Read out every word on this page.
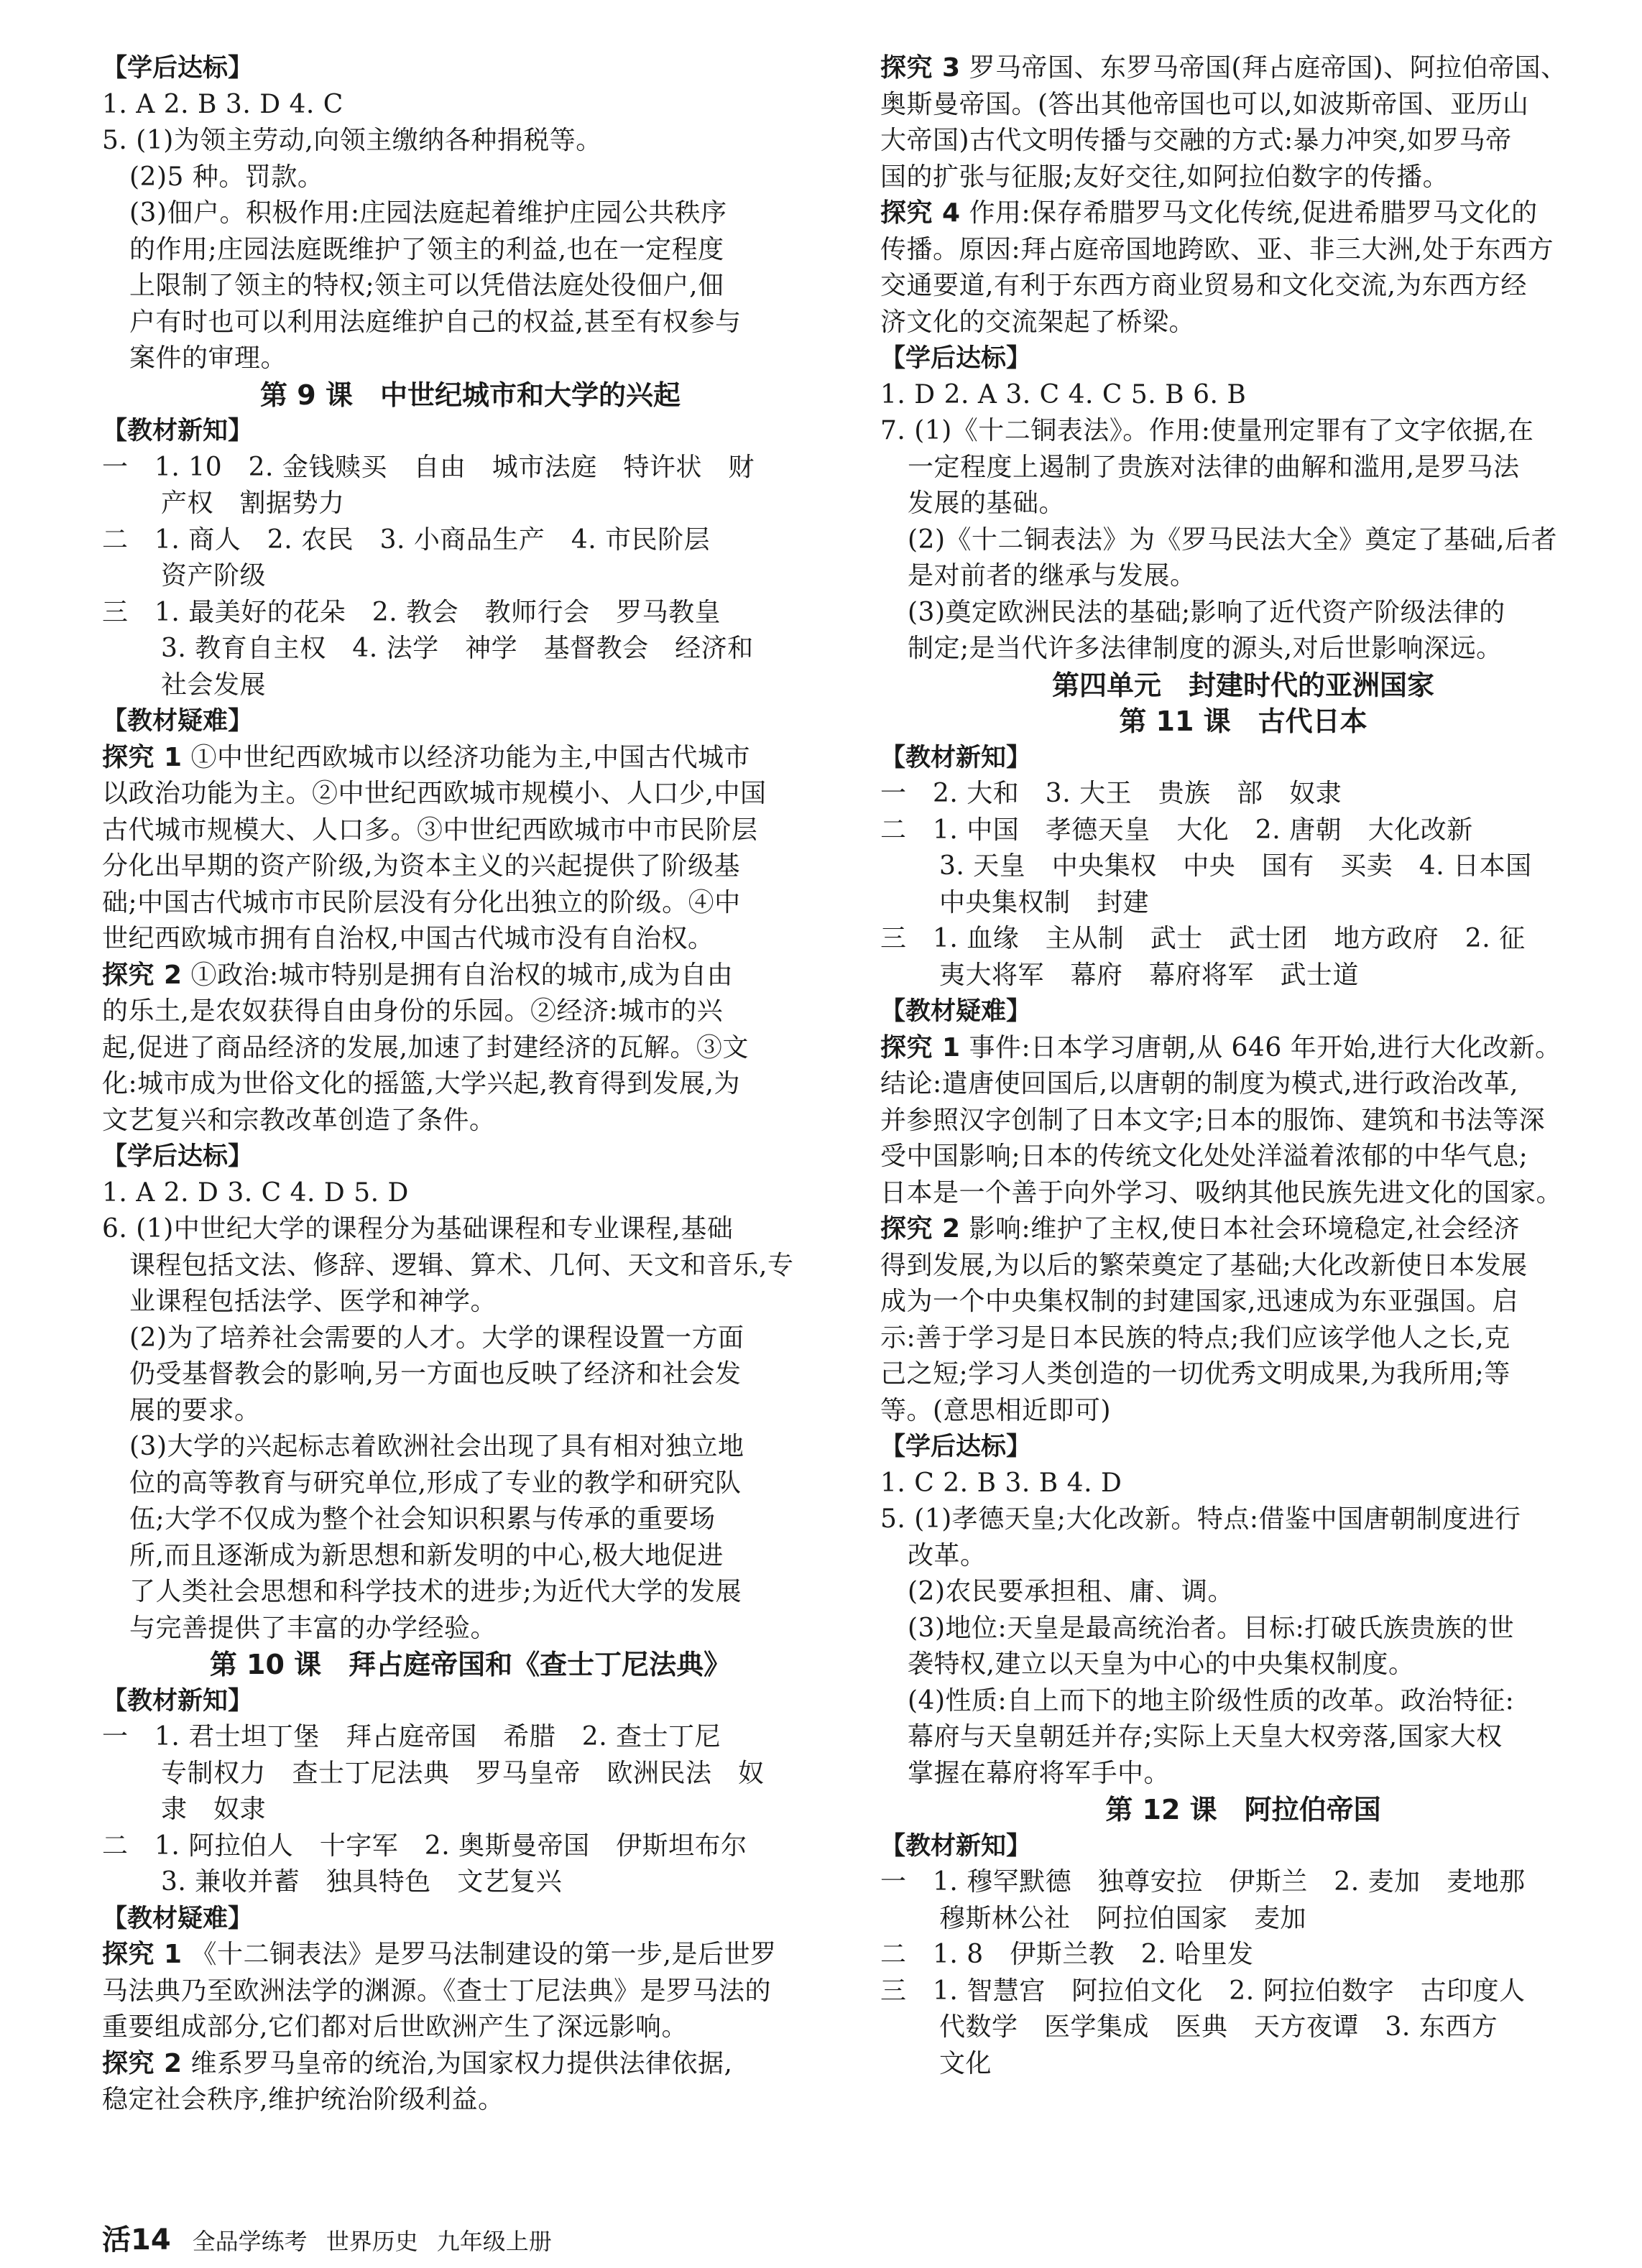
【学后达标】
1. A 2. B 3. D 4. C
5. (1)为领主劳动,向领主缴纳各种捐税等。
(2)5 种。罚款。
(3)佃户。积极作用:庄园法庭起着维护庄园公共秩序
的作用;庄园法庭既维护了领主的利益,也在一定程度
上限制了领主的特权;领主可以凭借法庭处役佃户,佃
户有时也可以利用法庭维护自己的权益,甚至有权参与
案件的审理。
第 9 课　中世纪城市和大学的兴起
【教材新知】
一　1. 10　2. 金钱赎买　自由　城市法庭　特许状　财
产权　割据势力
二　1. 商人　2. 农民　3. 小商品生产　4. 市民阶层
资产阶级
三　1. 最美好的花朵　2. 教会　教师行会　罗马教皇
3. 教育自主权　4. 法学　神学　基督教会　经济和
社会发展
【教材疑难】
探究 1 ①中世纪西欧城市以经济功能为主,中国古代城市
以政治功能为主。②中世纪西欧城市规模小、人口少,中国
古代城市规模大、人口多。③中世纪西欧城市中市民阶层
分化出早期的资产阶级,为资本主义的兴起提供了阶级基
础;中国古代城市市民阶层没有分化出独立的阶级。④中
世纪西欧城市拥有自治权,中国古代城市没有自治权。
探究 2 ①政治:城市特别是拥有自治权的城市,成为自由
的乐土,是农奴获得自由身份的乐园。②经济:城市的兴
起,促进了商品经济的发展,加速了封建经济的瓦解。③文
化:城市成为世俗文化的摇篮,大学兴起,教育得到发展,为
文艺复兴和宗教改革创造了条件。
【学后达标】
1. A 2. D 3. C 4. D 5. D
6. (1)中世纪大学的课程分为基础课程和专业课程,基础
课程包括文法、修辞、逻辑、算术、几何、天文和音乐,专
业课程包括法学、医学和神学。
(2)为了培养社会需要的人才。大学的课程设置一方面
仍受基督教会的影响,另一方面也反映了经济和社会发
展的要求。
(3)大学的兴起标志着欧洲社会出现了具有相对独立地
位的高等教育与研究单位,形成了专业的教学和研究队
伍;大学不仅成为整个社会知识积累与传承的重要场
所,而且逐渐成为新思想和新发明的中心,极大地促进
了人类社会思想和科学技术的进步;为近代大学的发展
与完善提供了丰富的办学经验。
第 10 课　拜占庭帝国和《查士丁尼法典》
【教材新知】
一　1. 君士坦丁堡　拜占庭帝国　希腊　2. 查士丁尼
专制权力　查士丁尼法典　罗马皇帝　欧洲民法　奴
隶　奴隶
二　1. 阿拉伯人　十字军　2. 奥斯曼帝国　伊斯坦布尔
3. 兼收并蓄　独具特色　文艺复兴
【教材疑难】
探究 1 《十二铜表法》是罗马法制建设的第一步,是后世罗
马法典乃至欧洲法学的渊源。《查士丁尼法典》是罗马法的
重要组成部分,它们都对后世欧洲产生了深远影响。
探究 2 维系罗马皇帝的统治,为国家权力提供法律依据,
稳定社会秩序,维护统治阶级利益。
探究 3 罗马帝国、东罗马帝国(拜占庭帝国)、阿拉伯帝国、
奥斯曼帝国。(答出其他帝国也可以,如波斯帝国、亚历山
大帝国)古代文明传播与交融的方式:暴力冲突,如罗马帝
国的扩张与征服;友好交往,如阿拉伯数字的传播。
探究 4 作用:保存希腊罗马文化传统,促进希腊罗马文化的
传播。原因:拜占庭帝国地跨欧、亚、非三大洲,处于东西方
交通要道,有利于东西方商业贸易和文化交流,为东西方经
济文化的交流架起了桥梁。
【学后达标】
1. D 2. A 3. C 4. C 5. B 6. B
7. (1)《十二铜表法》。作用:使量刑定罪有了文字依据,在
一定程度上遏制了贵族对法律的曲解和滥用,是罗马法
发展的基础。
(2)《十二铜表法》为《罗马民法大全》奠定了基础,后者
是对前者的继承与发展。
(3)奠定欧洲民法的基础;影响了近代资产阶级法律的
制定;是当代许多法律制度的源头,对后世影响深远。
第四单元　封建时代的亚洲国家
第 11 课　古代日本
【教材新知】
一　2. 大和　3. 大王　贵族　部　奴隶
二　1. 中国　孝德天皇　大化　2. 唐朝　大化改新
3. 天皇　中央集权　中央　国有　买卖　4. 日本国
中央集权制　封建
三　1. 血缘　主从制　武士　武士团　地方政府　2. 征
夷大将军　幕府　幕府将军　武士道
【教材疑难】
探究 1 事件:日本学习唐朝,从 646 年开始,进行大化改新。
结论:遣唐使回国后,以唐朝的制度为模式,进行政治改革,
并参照汉字创制了日本文字;日本的服饰、建筑和书法等深
受中国影响;日本的传统文化处处洋溢着浓郁的中华气息;
日本是一个善于向外学习、吸纳其他民族先进文化的国家。
探究 2 影响:维护了主权,使日本社会环境稳定,社会经济
得到发展,为以后的繁荣奠定了基础;大化改新使日本发展
成为一个中央集权制的封建国家,迅速成为东亚强国。启
示:善于学习是日本民族的特点;我们应该学他人之长,克
己之短;学习人类创造的一切优秀文明成果,为我所用;等
等。(意思相近即可)
【学后达标】
1. C 2. B 3. B 4. D
5. (1)孝德天皇;大化改新。特点:借鉴中国唐朝制度进行
改革。
(2)农民要承担租、庸、调。
(3)地位:天皇是最高统治者。目标:打破氏族贵族的世
袭特权,建立以天皇为中心的中央集权制度。
(4)性质:自上而下的地主阶级性质的改革。政治特征:
幕府与天皇朝廷并存;实际上天皇大权旁落,国家大权
掌握在幕府将军手中。
第 12 课　阿拉伯帝国
【教材新知】
一　1. 穆罕默德　独尊安拉　伊斯兰　2. 麦加　麦地那
穆斯林公社　阿拉伯国家　麦加
二　1. 8　伊斯兰教　2. 哈里发
三　1. 智慧宫　阿拉伯文化　2. 阿拉伯数字　古印度人
代数学　医学集成　医典　天方夜谭　3. 东西方
文化
活14 全品学练考 世界历史 九年级上册
